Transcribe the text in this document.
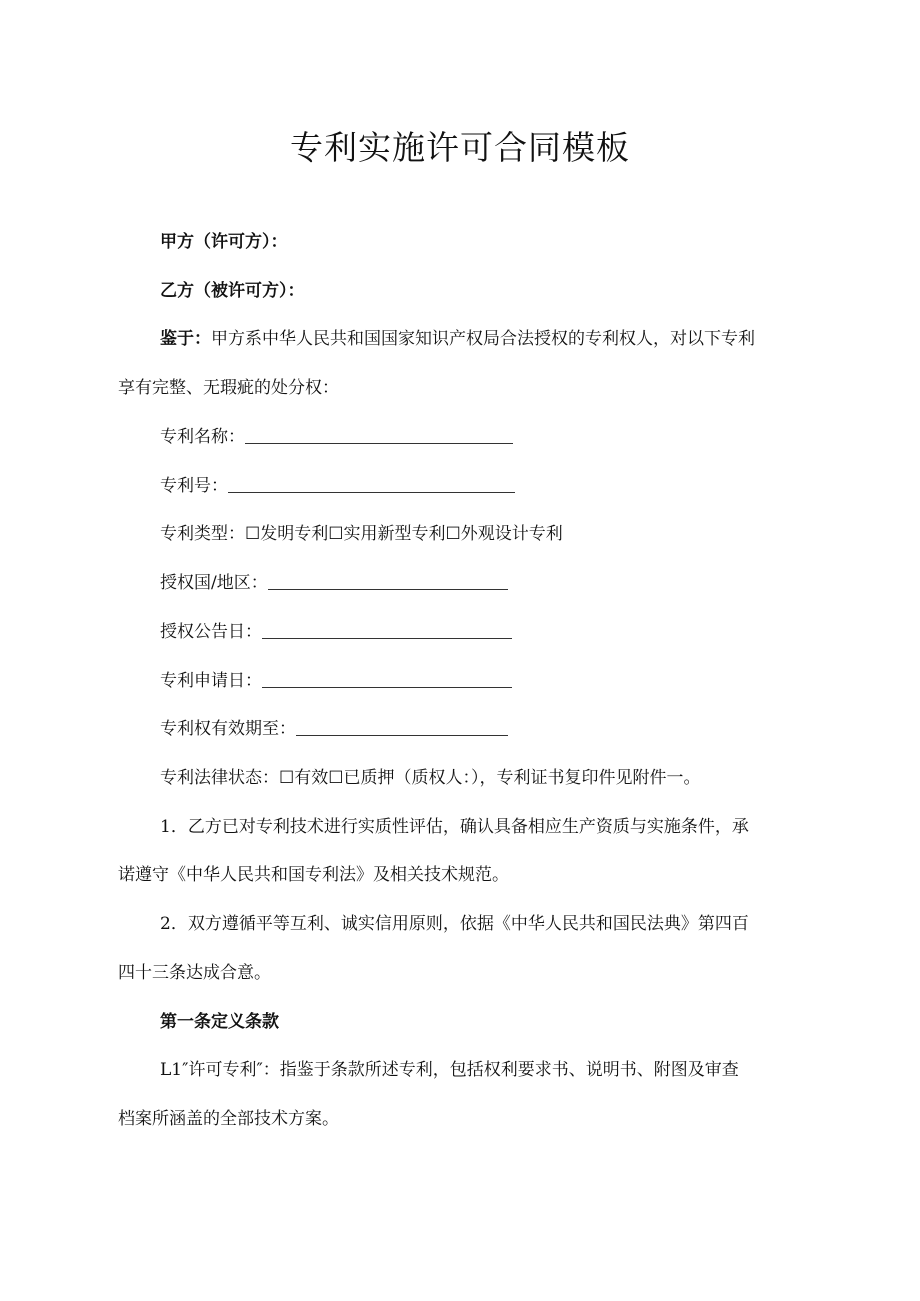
专利实施许可合同模板
甲方（许可方）：
乙方（被许可方）：
鉴于：甲方系中华人民共和国国家知识产权局合法授权的专利权人，对以下专利
享有完整、无瑕疵的处分权：
专利名称：
专利号：
专利类型：☐发明专利☐实用新型专利☐外观设计专利
授权国/地区：
授权公告日：
专利申请日：
专利权有效期至：
专利法律状态：☐有效☐已质押（质权人：），专利证书复印件见附件一。
1．乙方已对专利技术进行实质性评估，确认具备相应生产资质与实施条件，承
诺遵守《中华人民共和国专利法》及相关技术规范。
2．双方遵循平等互利、诚实信用原则，依据《中华人民共和国民法典》第四百
四十三条达成合意。
第一条定义条款
L1″许可专利″：指鉴于条款所述专利，包括权利要求书、说明书、附图及审查
档案所涵盖的全部技术方案。
